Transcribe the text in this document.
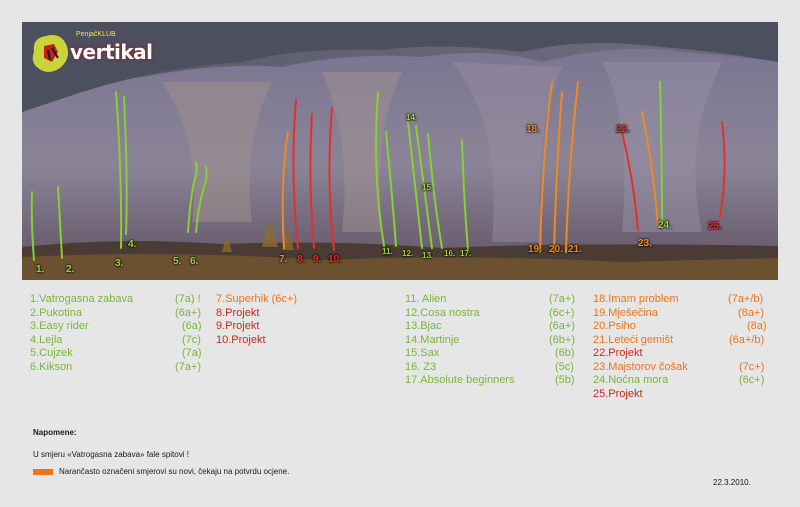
PenjačKLUB
vertikal
1. 2.
3.
4.
5. 6.	7. 8. 9. 10.
11. 12. 13.
14.
15.
16. 17.
18.
19. 20. 21.
22.
23.
24.	25.
1.Vatrogasna zabava	(7a) !
2.Pukotina	(6a+)
3.Easy rider	(6a)
4.Lejla	(7c)
5.Cujzek	(7a)
6.Kikson	(7a+)
7.Superhik (6c+)
8.Projekt
9.Projekt
10.Projekt
11. Alien	(7a+)
12.Cosa nostra	(6c+)
13.Bjac	(6a+)
14.Martinje	(6b+)
15.Sax	(6b)
16. Z3	(5c)
17.Absolute beginners	(5b)
18.Imam problem	(7a+/b)
19.Mješečina	(8a+)
20.Psiho	(8a)
21.Leteći gemišt	(6a+/b)
22.Projekt
23.Majstorov čošak	(7c+)
24.Noćna mora	(6c+)
25.Projekt
Napomene:
U smjeru «Vatrogasna zabava» fale spitovi !
Narančasto označeni smjerovi su novi, čekaju na potvrdu ocjene.
22.3.2010.
